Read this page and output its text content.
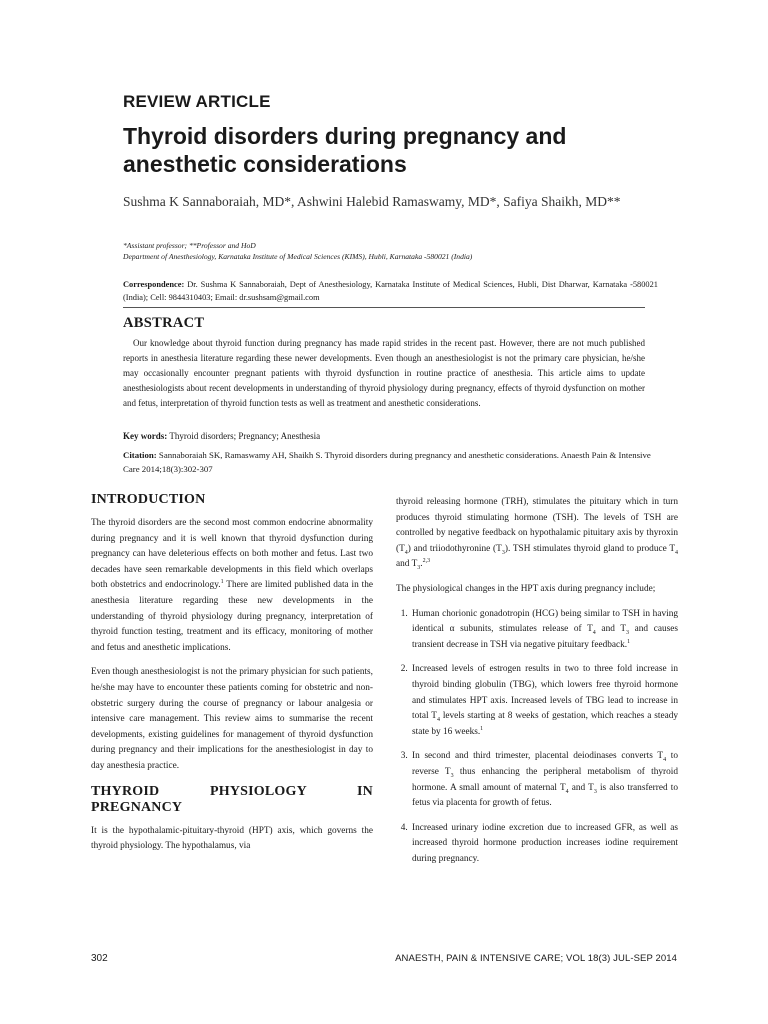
REVIEW ARTICLE
Thyroid disorders during pregnancy and anesthetic considerations
Sushma K Sannaboraiah, MD*, Ashwini Halebid Ramaswamy, MD*, Safiya Shaikh, MD**
*Assistant professor; **Professor and HoD
Department of Anesthesiology, Karnataka Institute of Medical Sciences (KIMS), Hubli, Karnataka -580021 (India)
Correspondence: Dr. Sushma K Sannaboraiah, Dept of Anesthesiology, Karnataka Institute of Medical Sciences, Hubli, Dist Dharwar, Karnataka -580021 (India); Cell: 9844310403; Email: dr.sushsam@gmail.com
ABSTRACT

Our knowledge about thyroid function during pregnancy has made rapid strides in the recent past. However, there are not much published reports in anesthesia literature regarding these newer developments. Even though an anesthesiologist is not the primary care physician, he/she may occasionally encounter pregnant patients with thyroid dysfunction in routine practice of anesthesia. This article aims to update anesthesiologists about recent developments in understanding of thyroid physiology during pregnancy, effects of thyroid dysfunction on mother and fetus, interpretation of thyroid function tests as well as treatment and anesthetic considerations.

Key words: Thyroid disorders; Pregnancy; Anesthesia
Citation: Sannaboraiah SK, Ramaswamy AH, Shaikh S. Thyroid disorders during pregnancy and anesthetic considerations. Anaesth Pain & Intensive Care 2014;18(3):302-307
INTRODUCTION

The thyroid disorders are the second most common endocrine abnormality during pregnancy and it is well known that thyroid dysfunction during pregnancy can have deleterious effects on both mother and fetus. Last two decades have seen remarkable developments in this field which overlaps both obstetrics and endocrinology.$^1$ There are limited published data in the anesthesia literature regarding these new developments in the understanding of thyroid physiology during pregnancy, interpretation of thyroid function testing, treatment and its efficacy, monitoring of mother and fetus and anesthetic implications.

Even though anesthesiologist is not the primary physician for such patients, he/she may have to encounter these patients coming for obstetric and non-obstetric surgery during the course of pregnancy or labour analgesia or intensive care management. This review aims to summarise the recent developments, existing guidelines for management of thyroid dysfunction during pregnancy and their implications for the anesthesiologist in day to day anesthesia practice.

THYROID PHYSIOLOGY IN PREGNANCY

It is the hypothalamic-pituitary-thyroid (HPT) axis, which governs the thyroid physiology. The hypothalamus, via

thyroid releasing hormone (TRH), stimulates the pituitary which in turn produces thyroid stimulating hormone (TSH). The levels of TSH are controlled by negative feedback on hypothalamic pituitary axis by thyroxin $(T_4)$ and triiodothyronine $(T_3)$. TSH stimulates thyroid gland to produce $T_4$ and $T_3.^{2,3}$

The physiological changes in the HPT axis during pregnancy include;

1. Human chorionic gonadotropin (HCG) being similar to TSH in having identical α subunits, stimulates release of $T_4$ and $T_3$ and causes transient decrease in TSH via negative pituitary feedback.$^1$
2. Increased levels of estrogen results in two to three fold increase in thyroid binding globulin (TBG), which lowers free thyroid hormone and stimulates HPT axis. Increased levels of TBG lead to increase in total $T_4$ levels starting at 8 weeks of gestation, which reaches a steady state by 16 weeks.$^1$
3. In second and third trimester, placental deiodinases converts $T_4$ to reverse $T_3$ thus enhancing the peripheral metabolism of thyroid hormone. A small amount of maternal $T_4$ and $T_3$ is also transferred to fetus via placenta for growth of fetus.
4. Increased urinary iodine excretion due to increased GFR, as well as increased thyroid hormone production increases iodine requirement during pregnancy.
302	ANAESTH, PAIN & INTENSIVE CARE; VOL 18(3) JUL-SEP 2014
